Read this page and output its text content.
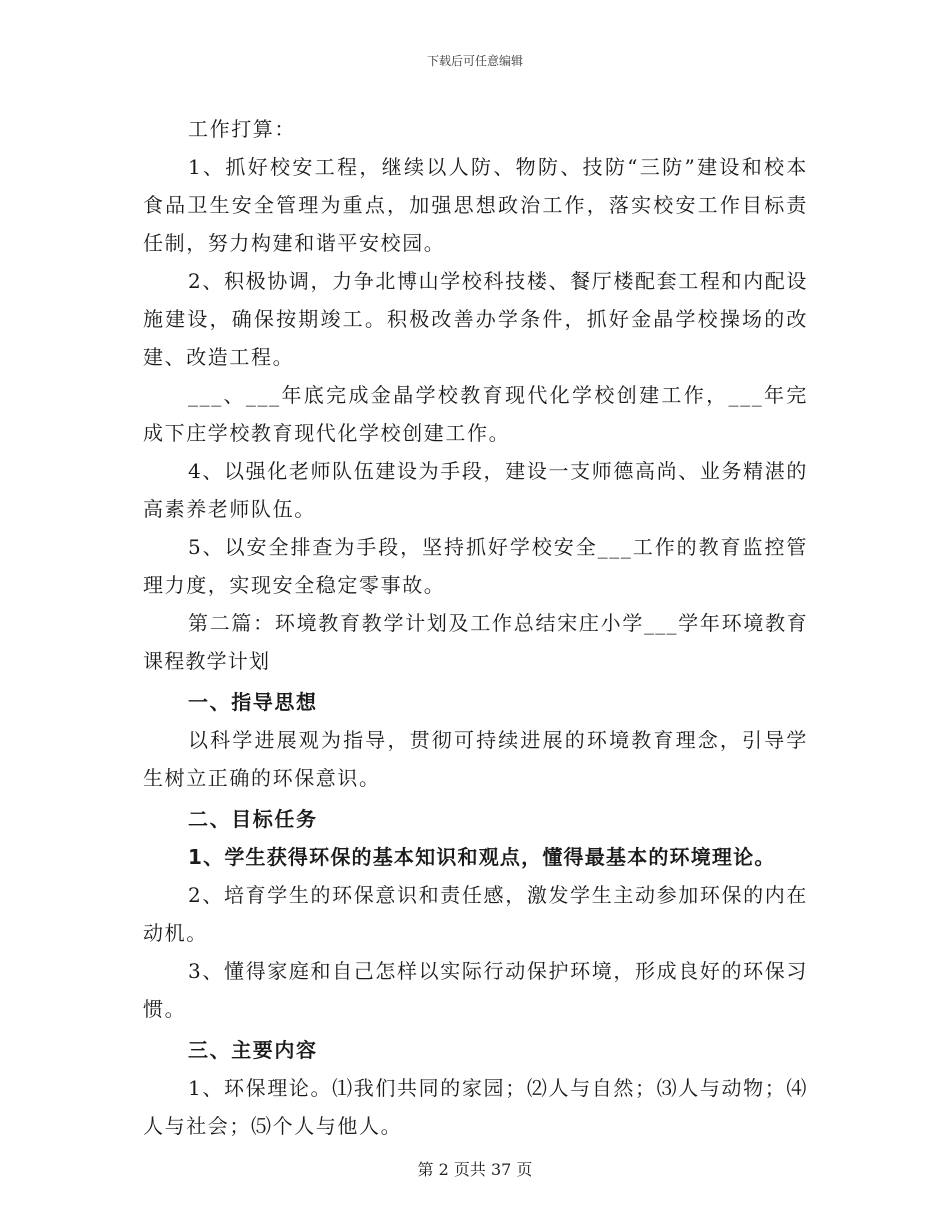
下载后可任意编辑

工作打算：

1、抓好校安工程，继续以人防、物防、技防“三防”建设和校本食品卫生安全管理为重点，加强思想政治工作，落实校安工作目标责任制，努力构建和谐平安校园。

2、积极协调，力争北博山学校科技楼、餐厅楼配套工程和内配设施建设，确保按期竣工。积极改善办学条件，抓好金晶学校操场的改建、改造工程。

___、___年底完成金晶学校教育现代化学校创建工作，___年完成下庄学校教育现代化学校创建工作。

4、以强化老师队伍建设为手段，建设一支师德高尚、业务精湛的高素养老师队伍。

5、以安全排查为手段，坚持抓好学校安全___工作的教育监控管理力度，实现安全稳定零事故。

第二篇：环境教育教学计划及工作总结宋庄小学___学年环境教育课程教学计划

一、指导思想

以科学进展观为指导，贯彻可持续进展的环境教育理念，引导学生树立正确的环保意识。

二、目标任务

1、学生获得环保的基本知识和观点，懂得最基本的环境理论。

2、培育学生的环保意识和责任感，激发学生主动参加环保的内在动机。

3、懂得家庭和自己怎样以实际行动保护环境，形成良好的环保习惯。

三、主要内容

1、环保理论。⑴我们共同的家园；⑵人与自然；⑶人与动物；⑷人与社会；⑸个人与他人。

第 2 页共 37 页
